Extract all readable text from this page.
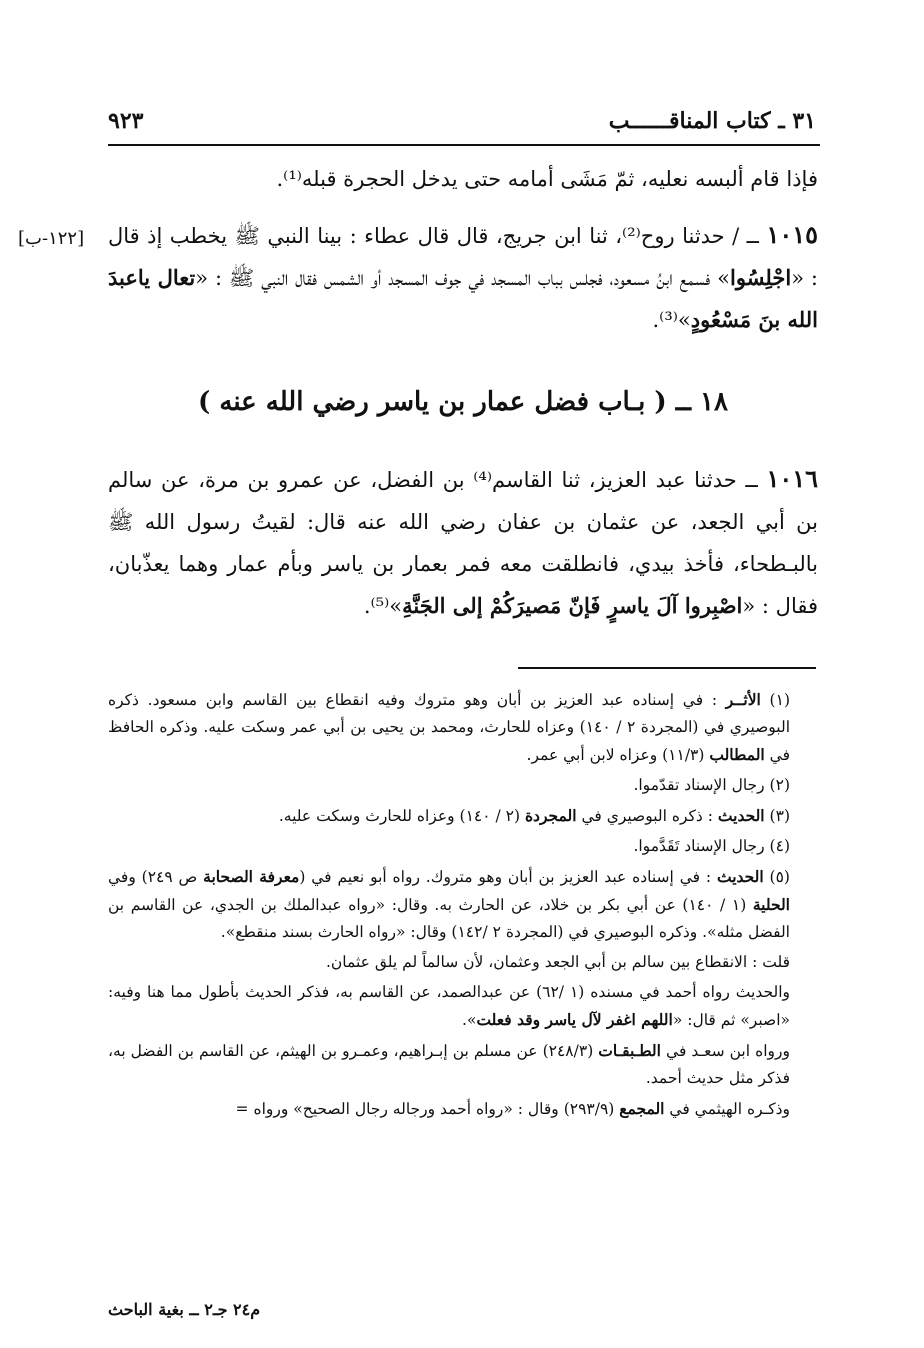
٣١ ـ كتاب المناقــــــب
٩٢٣

فإذا قام ألبسه نعليه، ثمّ مَشَى أمامه حتى يدخل الحجرة قبله⁽¹⁾.

١٠١٥ ــ / حدثنا روح⁽²⁾، ثنا ابن جريج، قال قال عطاء : بينا النبي ﷺ يخطب إذ قال : «اجْلِسُوا» فسمع ابنُ مسعود، فجلس بباب المسجد في جوف المسجد أو الشمس فقال النبي ﷺ : «تعال ياعبدَ الله بنَ مَسْعُودٍ»⁽³⁾.

[١٢٢-ب]
١٨ ــ ( بـاب فضل عمار بن ياسر رضي الله عنه )

١٠١٦ ــ حدثنا عبد العزيز، ثنا القاسم⁽⁴⁾ بن الفضل، عن عمرو بن مرة، عن سالم بن أبي الجعد، عن عثمان بن عفان رضي الله عنه قال: لقيتُ رسول الله ﷺ بالبـطحاء، فأخذ بيدي، فانطلقت معه فمر بعمار بن ياسر وبأم عمار وهما يعذّبان، فقال : «اصْبِروا آلَ ياسرٍ فَإنّ مَصيرَكُمْ إلى الجَنَّةِ»⁽⁵⁾.

(١) الأثــر : في إسناده عبد العزيز بن أبان وهو متروك وفيه انقطاع بين القاسم وابن مسعود. ذكره البوصيري في (المجردة ٢ / ١٤٠) وعزاه للحارث، ومحمد بن يحيى بن أبي عمر وسكت عليه. وذكره الحافظ في المطالب (١١/٣) وعزاه لابن أبي عمر.

(٢) رجال الإسناد تقدّموا.

(٣) الحديث : ذكره البوصيري في المجردة (٢ / ١٤٠) وعزاه للحارث وسكت عليه.

(٤) رجال الإسناد تَقَدَّموا.

(٥) الحديث : في إسناده عبد العزيز بن أبان وهو متروك. رواه أبو نعيم في (معرفة الصحابة ص ٢٤٩) وفي الحلية (١ / ١٤٠) عن أبي بكر بن خلاد، عن الحارث به. وقال: «رواه عبدالملك بن الجدي، عن القاسم بن الفضل مثله». وذكره البوصيري في (المجردة ٢ /١٤٢) وقال: «رواه الحارث بسند منقطع».

قلت : الانقطاع بين سالم بن أبي الجعد وعثمان، لأن سالماً لم يلق عثمان.

والحديث رواه أحمد في مسنده (١ /٦٢) عن عبدالصمد، عن القاسم به، فذكر الحديث بأطول مما هنا وفيه: «اصبر» ثم قال: «اللهم اغفر لآل ياسر وقد فعلت».

ورواه ابن سعـد في الطـبقـات (٢٤٨/٣) عن مسلم بن إبـراهيم، وعمـرو بن الهيثم، عن القاسم بن الفضل به، فذكر مثل حديث أحمد.

وذكـره الهيثمي في المجمع (٢٩٣/٩) وقال : «رواه أحمد ورجاله رجال الصحيح» ورواه =

م٢٤ جـ٢ ــ بغية الباحث
